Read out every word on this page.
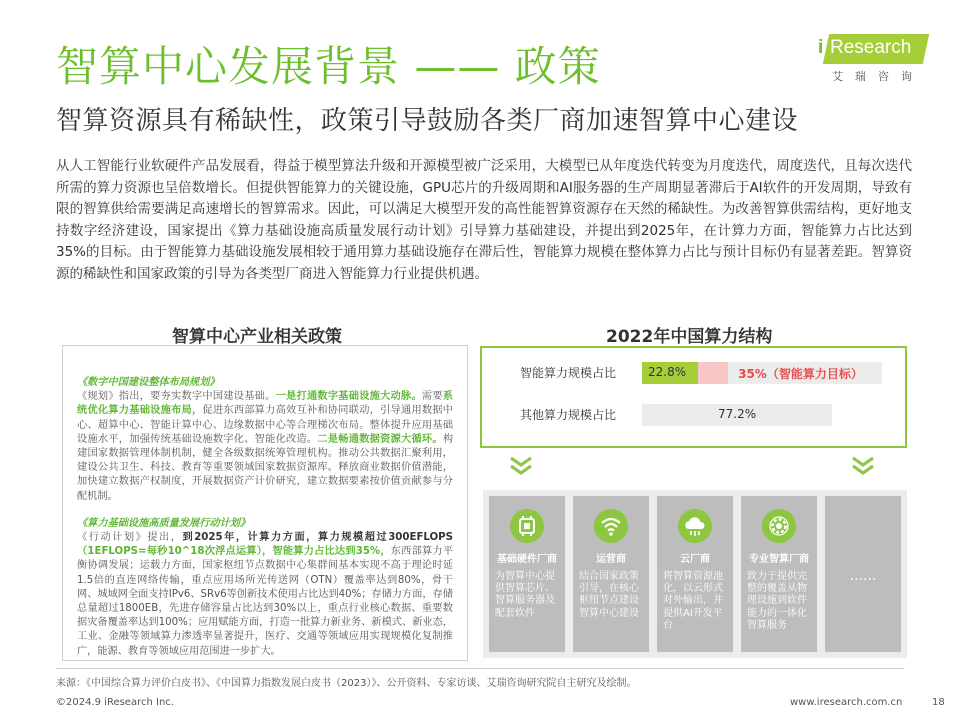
智算中心发展背景 —— 政策
智算资源具有稀缺性，政策引导鼓励各类厂商加速智算中心建设
i Research
艾瑞咨询
从人工智能行业软硬件产品发展看，得益于模型算法升级和开源模型被广泛采用，大模型已从年度迭代转变为月度迭代，周度迭代，且每次迭代所需的算力资源也呈倍数增长。但提供智能算力的关键设施，GPU芯片的升级周期和AI服务器的生产周期显著滞后于AI软件的开发周期，导致有限的智算供给需要满足高速增长的智算需求。因此，可以满足大模型开发的高性能智算资源存在天然的稀缺性。为改善智算供需结构，更好地支持数字经济建设，国家提出《算力基础设施高质量发展行动计划》引导算力基础建设，并提出到2025年，在计算力方面，智能算力占比达到35%的目标。由于智能算力基础设施发展相较于通用算力基础设施存在滞后性，智能算力规模在整体算力占比与预计目标仍有显著差距。智算资源的稀缺性和国家政策的引导为各类型厂商进入智能算力行业提供机遇。
智算中心产业相关政策	2022年中国算力结构

《数字中国建设整体布局规划》
《规划》指出，要夯实数字中国建设基础。一是打通数字基础设施大动脉。需要系统优化算力基础设施布局，促进东西部算力高效互补和协同联动，引导通用数据中心、超算中心、智能计算中心、边缘数据中心等合理梯次布局。整体提升应用基础设施水平，加强传统基础设施数字化、智能化改造。二是畅通数据资源大循环。构建国家数据管理体制机制，健全各级数据统筹管理机构。推动公共数据汇聚利用，建设公共卫生、科技、教育等重要领域国家数据资源库。释放商业数据价值潜能，加快建立数据产权制度，开展数据资产计价研究，建立数据要素按价值贡献参与分配机制。

《算力基础设施高质量发展行动计划》
《行动计划》提出，到2025年，计算力方面，算力规模超过300EFLOPS（1EFLOPS=每秒10^18次浮点运算），智能算力占比达到35%，东西部算力平衡协调发展；运载力方面，国家枢纽节点数据中心集群间基本实现不高于理论时延1.5倍的直连网络传输，重点应用场所光传送网（OTN）覆盖率达到80%，骨干网、城域网全面支持IPv6、SRv6等创新技术使用占比达到40%；存储力方面，存储总量超过1800EB，先进存储容量占比达到30%以上，重点行业核心数据、重要数据灾备覆盖率达到100%；应用赋能方面，打造一批算力新业务、新模式、新业态，工业、金融等领域算力渗透率显著提升，医疗、交通等领域应用实现规模化复制推广，能源、教育等领域应用范围进一步扩大。

智能算力规模占比
其他算力规模占比
22.8%	35%（智能算力目标）
77.2%
基础硬件厂商
为智算中心提供智算芯片、智算服务器及配套软件
运营商
结合国家政策引导，在核心枢纽节点建设智算中心建设
云厂商
将智算资源池化，以云形式对外输出，并提供AI开发平台
专业智算厂商
致力于提供完整的覆盖从物理设施到软件能力的一体化智算服务
······
来源：《中国综合算力评价白皮书》、《中国算力指数发展白皮书（2023）》、公开资料、专家访谈、艾瑞咨询研究院自主研究及绘制。
©2024.9 iResearch Inc.	www.iresearch.com.cn	18
